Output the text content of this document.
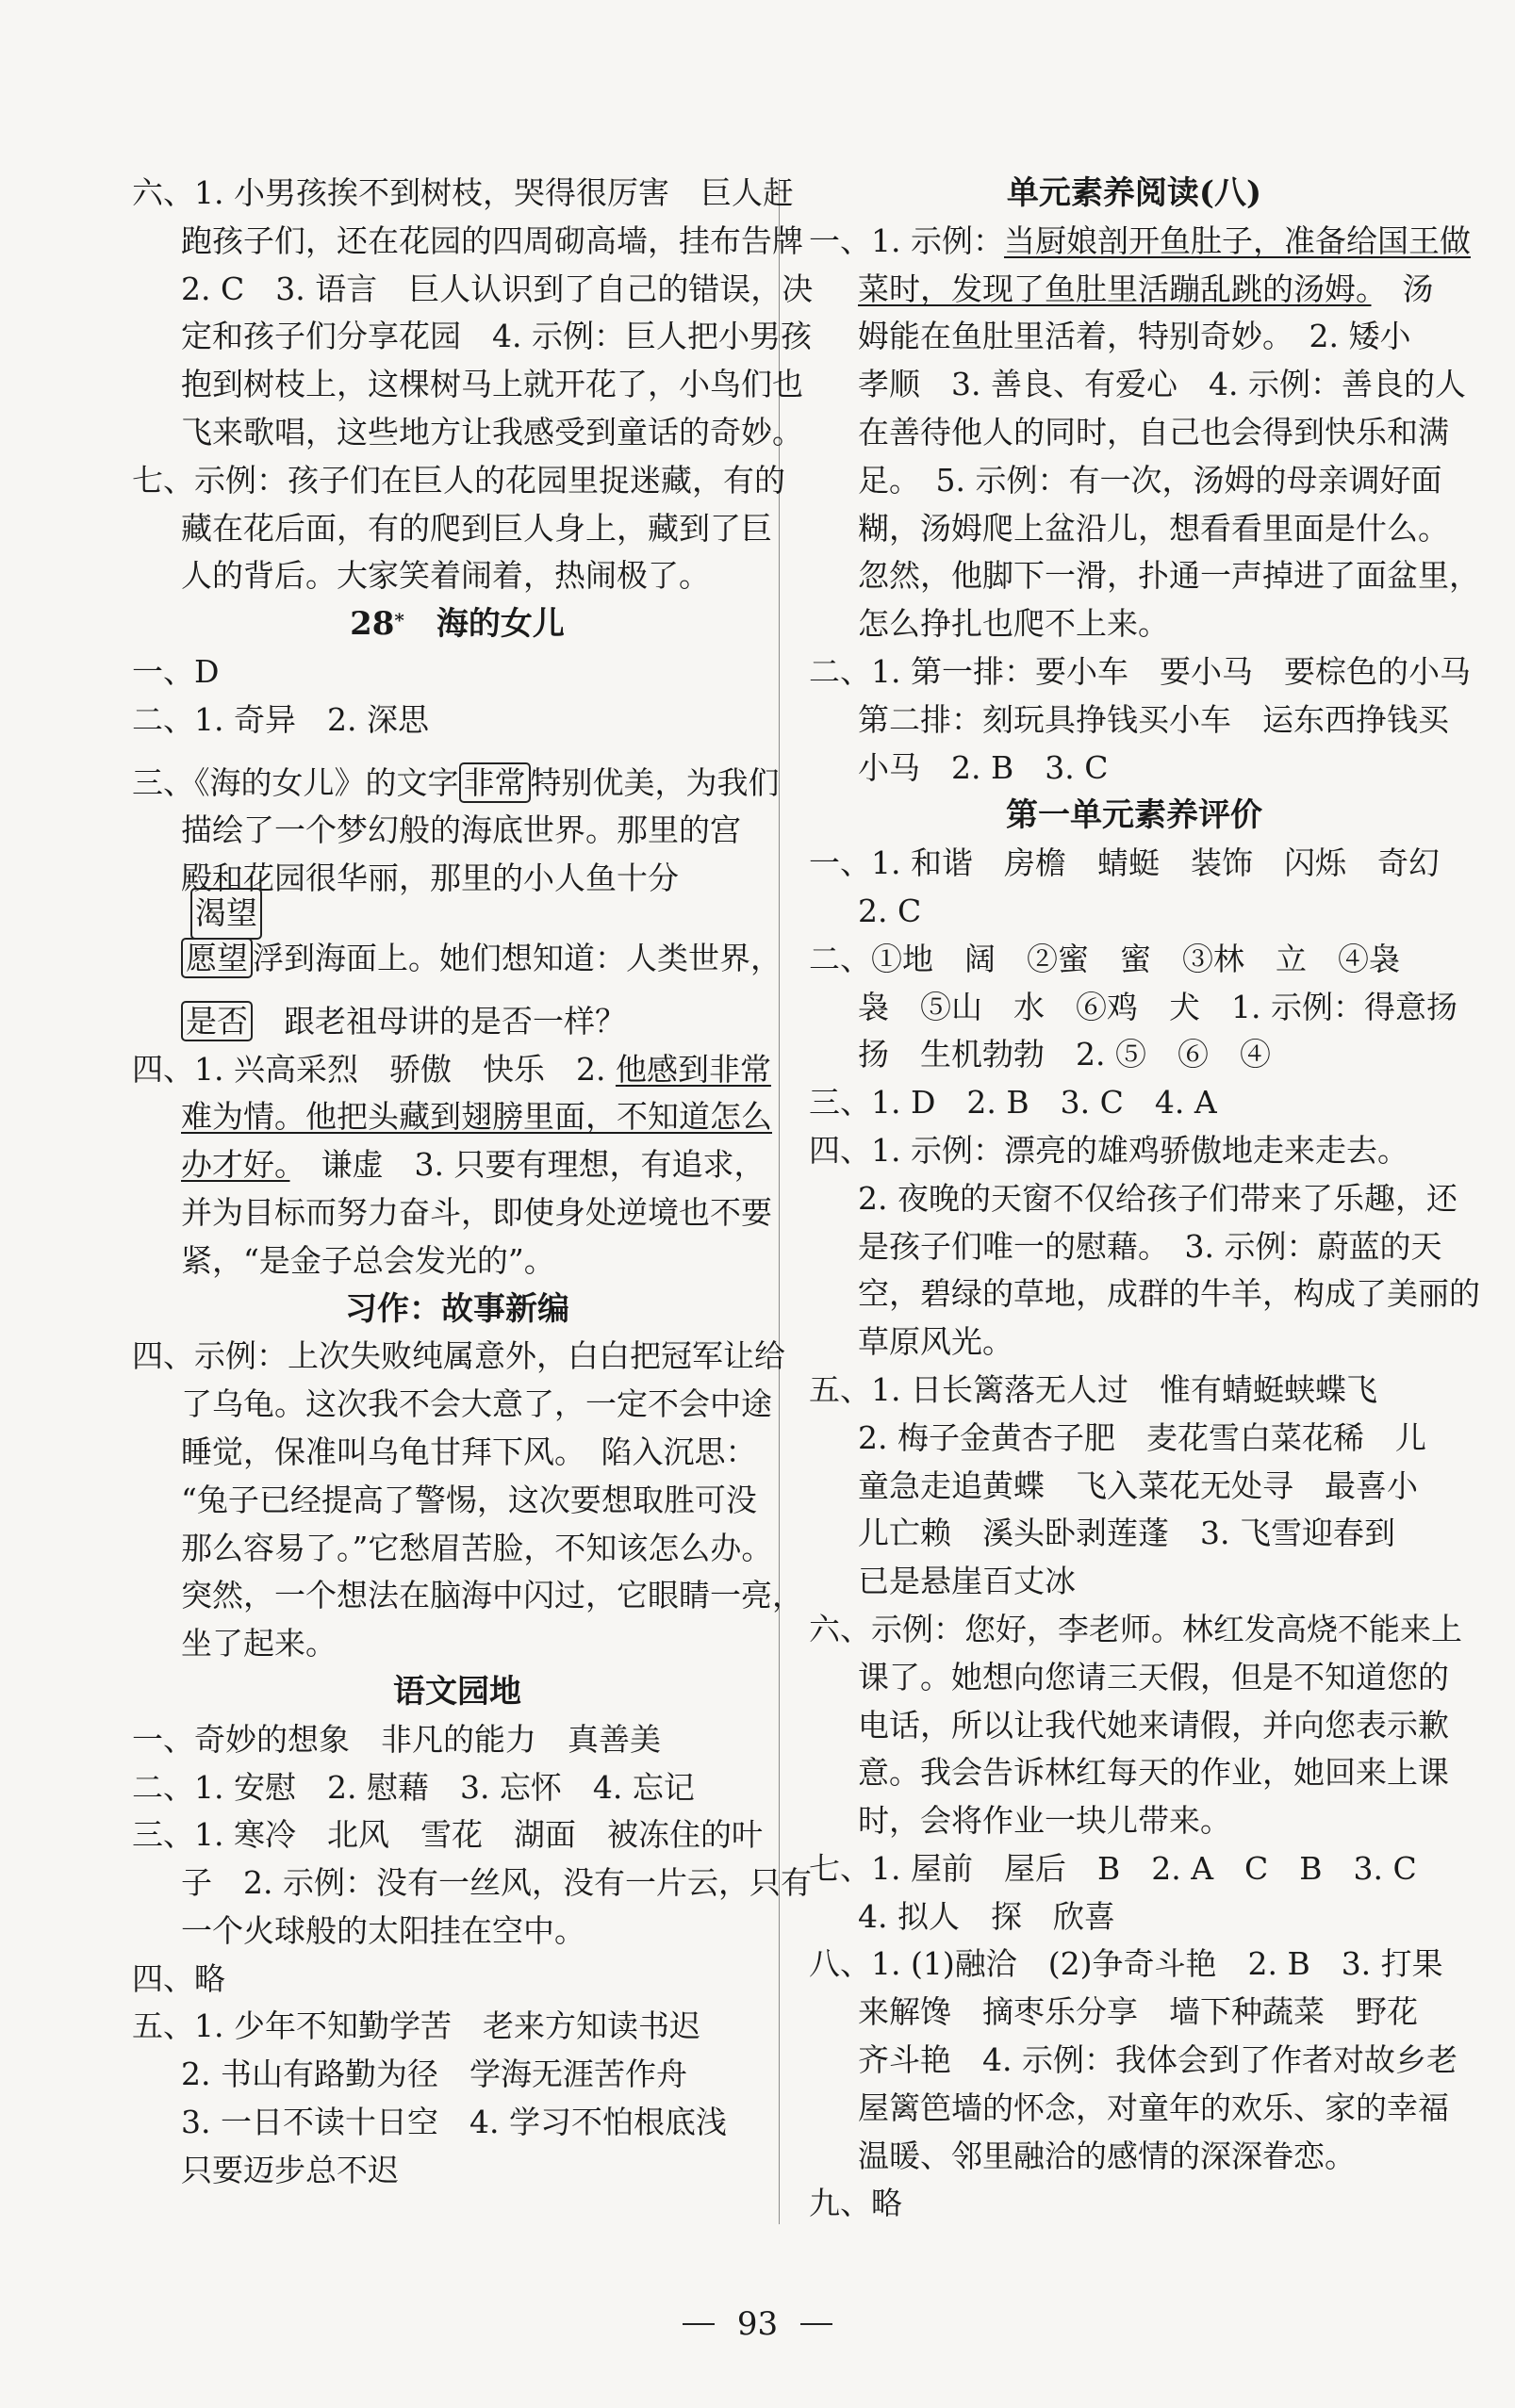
六、1. 小男孩挨不到树枝，哭得很厉害　巨人赶
跑孩子们，还在花园的四周砌高墙，挂布告牌
2. C　3. 语言　巨人认识到了自己的错误，决
定和孩子们分享花园　4. 示例：巨人把小男孩
抱到树枝上，这棵树马上就开花了，小鸟们也
飞来歌唱，这些地方让我感受到童话的奇妙。
七、示例：孩子们在巨人的花园里捉迷藏，有的
藏在花后面，有的爬到巨人身上，藏到了巨
人的背后。大家笑着闹着，热闹极了。
28*　 海的女儿
一、D
二、1. 奇异　2. 深思
三、《海的女儿》的文字 非常 特别优美，为我们
描绘了一个梦幻般的海底世界。那里的宫
殿和花园很华丽，那里的小人鱼十分
渴望
愿望 浮到海面上。她们想知道：人类世界，
是否　 跟老祖母讲的是否一样？
四、1. 兴高采烈　骄傲　快乐　2. 他感到非常
难为情。他把头藏到翅膀里面，不知道怎么
办才好。　谦虚　3. 只要有理想，有追求，
并为目标而努力奋斗，即使身处逆境也不要
紧，“是金子总会发光的”。
习作：故事新编
四、示例：上次失败纯属意外，白白把冠军让给
了乌龟。这次我不会大意了，一定不会中途
睡觉，保准叫乌龟甘拜下风。　陷入沉思：
“兔子已经提高了警惕，这次要想取胜可没
那么容易了。”它愁眉苦脸，不知该怎么办。
突然，一个想法在脑海中闪过，它眼睛一亮，
坐了起来。
语文园地
一、奇妙的想象　非凡的能力　真善美
二、1. 安慰　2. 慰藉　3. 忘怀　4. 忘记
三、1. 寒冷　北风　雪花　湖面　被冻住的叶
子　2. 示例：没有一丝风，没有一片云，只有
一个火球般的太阳挂在空中。
四、略
五、1. 少年不知勤学苦　老来方知读书迟
2. 书山有路勤为径　学海无涯苦作舟
3. 一日不读十日空　4. 学习不怕根底浅
只要迈步总不迟
单元素养阅读(八)
一、1. 示例：当厨娘剖开鱼肚子，准备给国王做
菜时，发现了鱼肚里活蹦乱跳的汤姆。　汤
姆能在鱼肚里活着，特别奇妙。　2. 矮小
孝顺　3. 善良、有爱心　4. 示例：善良的人
在善待他人的同时，自己也会得到快乐和满
足。　5. 示例：有一次，汤姆的母亲调好面
糊，汤姆爬上盆沿儿，想看看里面是什么。
忽然，他脚下一滑，扑通一声掉进了面盆里，
怎么挣扎也爬不上来。
二、1. 第一排：要小车　要小马　要棕色的小马
第二排：刻玩具挣钱买小车　运东西挣钱买
小马　2. B　3. C
第一单元素养评价
一、1. 和谐　房檐　蜻蜓　装饰　闪烁　奇幻
2. C
二、①地　阔　②蜜　蜜　③林　立　④袅
袅　⑤山　水　⑥鸡　犬　1. 示例：得意扬
扬　生机勃勃　2. ⑤　⑥　④
三、1. D　2. B　3. C　4. A
四、1. 示例：漂亮的雄鸡骄傲地走来走去。
2. 夜晚的天窗不仅给孩子们带来了乐趣，还
是孩子们唯一的慰藉。　3. 示例：蔚蓝的天
空，碧绿的草地，成群的牛羊，构成了美丽的
草原风光。
五、1. 日长篱落无人过　惟有蜻蜓蛱蝶飞
2. 梅子金黄杏子肥　麦花雪白菜花稀　儿
童急走追黄蝶　飞入菜花无处寻　最喜小
儿亡赖　溪头卧剥莲蓬　3. 飞雪迎春到
已是悬崖百丈冰
六、示例：您好，李老师。林红发高烧不能来上
课了。她想向您请三天假，但是不知道您的
电话，所以让我代她来请假，并向您表示歉
意。我会告诉林红每天的作业，她回来上课
时，会将作业一块儿带来。
七、1. 屋前　屋后　B　2. A　C　B　3. C
4. 拟人　探　欣喜
八、1. (1)融洽　(2)争奇斗艳　2. B　3. 打果
来解馋　摘枣乐分享　墙下种蔬菜　野花
齐斗艳　4. 示例：我体会到了作者对故乡老
屋篱笆墙的怀念，对童年的欢乐、家的幸福
温暖、邻里融洽的感情的深深眷恋。
九、略
93
